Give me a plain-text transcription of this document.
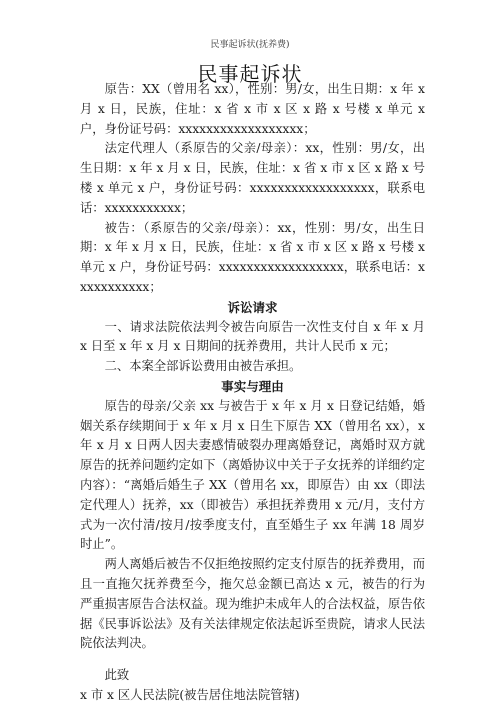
民事起诉状(抚养费)
民事起诉状

原告：XX（曾用名 xx），性别：男/女，出生日期：x 年 x 月 x 日，民族，住址：x 省 x 市 x 区 x 路 x 号楼 x 单元 x 户，身份证号码：xxxxxxxxxxxxxxxxxx；

法定代理人（系原告的父亲/母亲）：xx，性别：男/女，出生日期：x 年 x 月 x 日，民族，住址：x 省 x 市 x 区 x 路 x 号楼 x 单元 x 户，身份证号码：xxxxxxxxxxxxxxxxxx，联系电话：xxxxxxxxxxx；

被告：（系原告的父亲/母亲）：xx，性别：男/女，出生日期：x 年 x 月 x 日，民族，住址：x 省 x 市 x 区 x 路 x 号楼 x 单元 x 户，身份证号码：xxxxxxxxxxxxxxxxxx，联系电话：xxxxxxxxxxx；

诉讼请求

一、请求法院依法判令被告向原告一次性支付自 x 年 x 月 x 日至 x 年 x 月 x 日期间的抚养费用，共计人民币 x 元；

二、本案全部诉讼费用由被告承担。

事实与理由

原告的母亲/父亲 xx 与被告于 x 年 x 月 x 日登记结婚，婚姻关系存续期间于 x 年 x 月 x 日生下原告 XX（曾用名 xx），x 年 x 月 x 日两人因夫妻感情破裂办理离婚登记，离婚时双方就原告的抚养问题约定如下（离婚协议中关于子女抚养的详细约定内容）：“离婚后婚生子 XX（曾用名 xx，即原告）由 xx（即法定代理人）抚养，xx（即被告）承担抚养费用 x 元/月，支付方式为一次付清/按月/按季度支付，直至婚生子 xx 年满 18 周岁时止”。

两人离婚后被告不仅拒绝按照约定支付原告的抚养费用，而且一直拖欠抚养费至今，拖欠总金额已高达 x 元，被告的行为严重损害原告合法权益。现为维护未成年人的合法权益，原告依据《民事诉讼法》及有关法律规定依法起诉至贵院，请求人民法院依法判决。

此致

x 市 x 区人民法院(被告居住地法院管辖)
